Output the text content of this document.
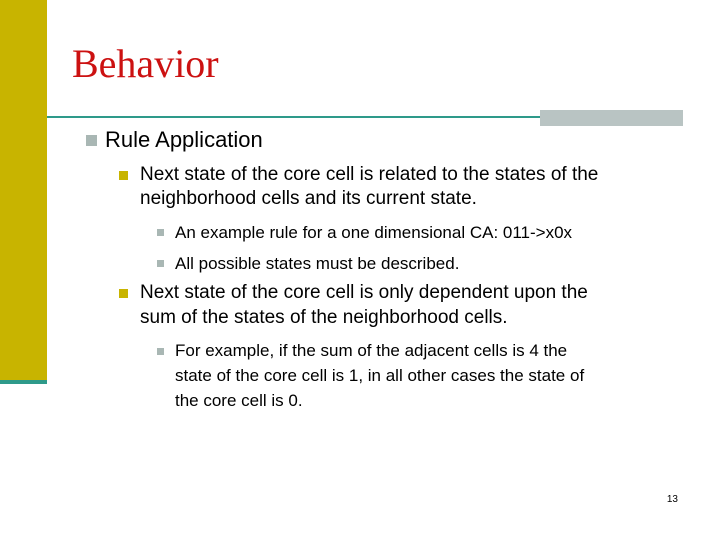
Behavior
Rule Application
Next state of the core cell is related to the states of the
neighborhood cells and its current state.
An example rule for a one dimensional CA: 011->x0x
All possible states must be described.
Next state of the core cell is only dependent upon the
sum of the states of the neighborhood cells.
For example, if the sum of the adjacent cells is 4 the
state of the core cell is 1, in all other cases the state of
the core cell is 0.
13
